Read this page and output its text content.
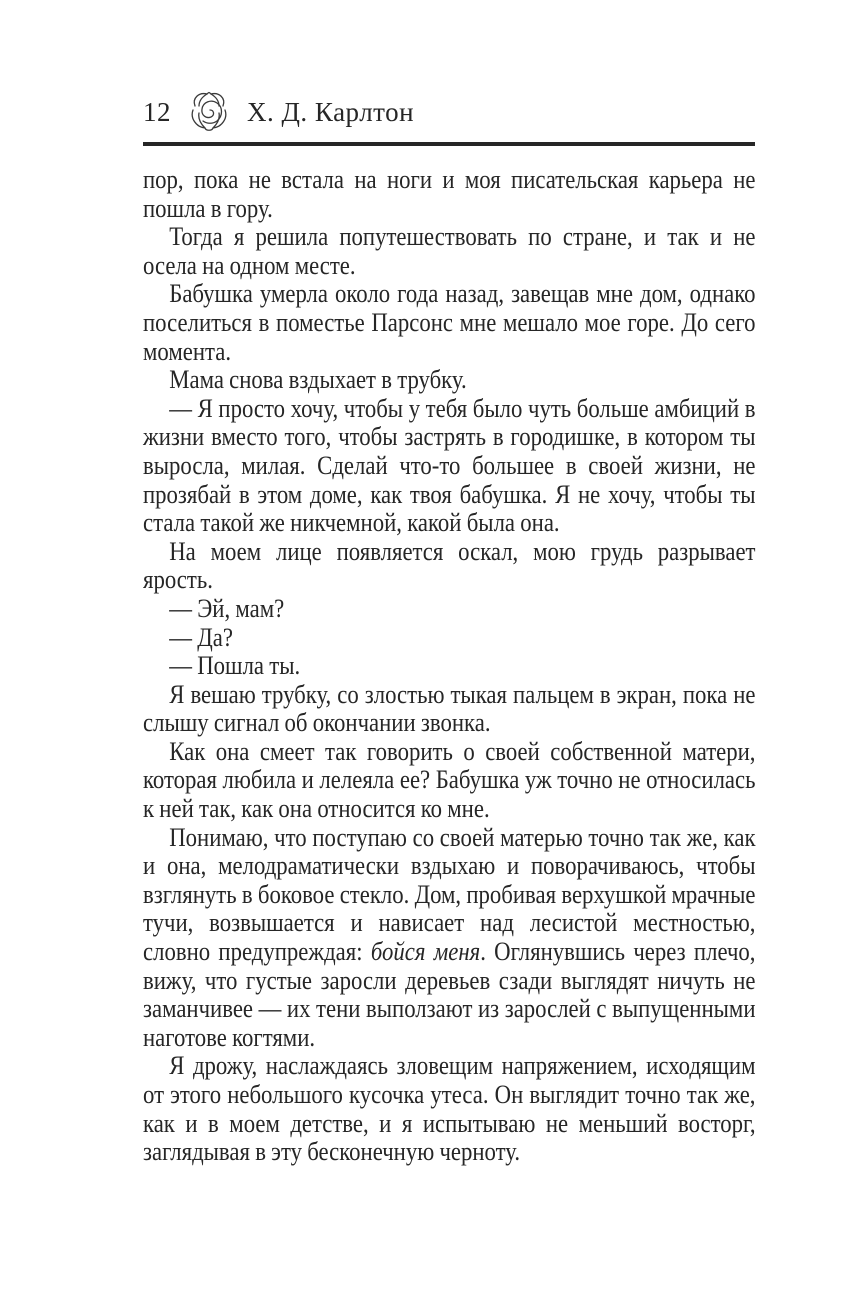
12	Х. Д. Карлтон

пор, пока не встала на ноги и моя писательская карьера не пошла в гору.

Тогда я решила попутешествовать по стране, и так и не осела на одном месте.

Бабушка умерла около года назад, завещав мне дом, однако поселиться в поместье Парсонс мне мешало мое горе. До сего момента.

Мама снова вздыхает в трубку.

— Я просто хочу, чтобы у тебя было чуть больше амбиций в жизни вместо того, чтобы застрять в городишке, в котором ты выросла, милая. Сделай что-то большее в своей жизни, не прозябай в этом доме, как твоя бабушка. Я не хочу, чтобы ты стала такой же никчемной, какой была она.

На моем лице появляется оскал, мою грудь разрывает ярость.

— Эй, мам?

— Да?

— Пошла ты.

Я вешаю трубку, со злостью тыкая пальцем в экран, пока не слышу сигнал об окончании звонка.

Как она смеет так говорить о своей собственной матери, которая любила и лелеяла ее? Бабушка уж точно не относилась к ней так, как она относится ко мне.

Понимаю, что поступаю со своей матерью точно так же, как и она, мелодраматически вздыхаю и поворачиваюсь, чтобы взглянуть в боковое стекло. Дом, пробивая верхушкой мрачные тучи, возвышается и нависает над лесистой местностью, словно предупреждая: бойся меня. Оглянувшись через плечо, вижу, что густые заросли деревьев сзади выглядят ничуть не заманчивее — их тени выползают из зарослей с выпущенными наготове когтями.

Я дрожу, наслаждаясь зловещим напряжением, исходящим от этого небольшого кусочка утеса. Он выглядит точно так же, как и в моем детстве, и я испытываю не меньший восторг, заглядывая в эту бесконечную черноту.
